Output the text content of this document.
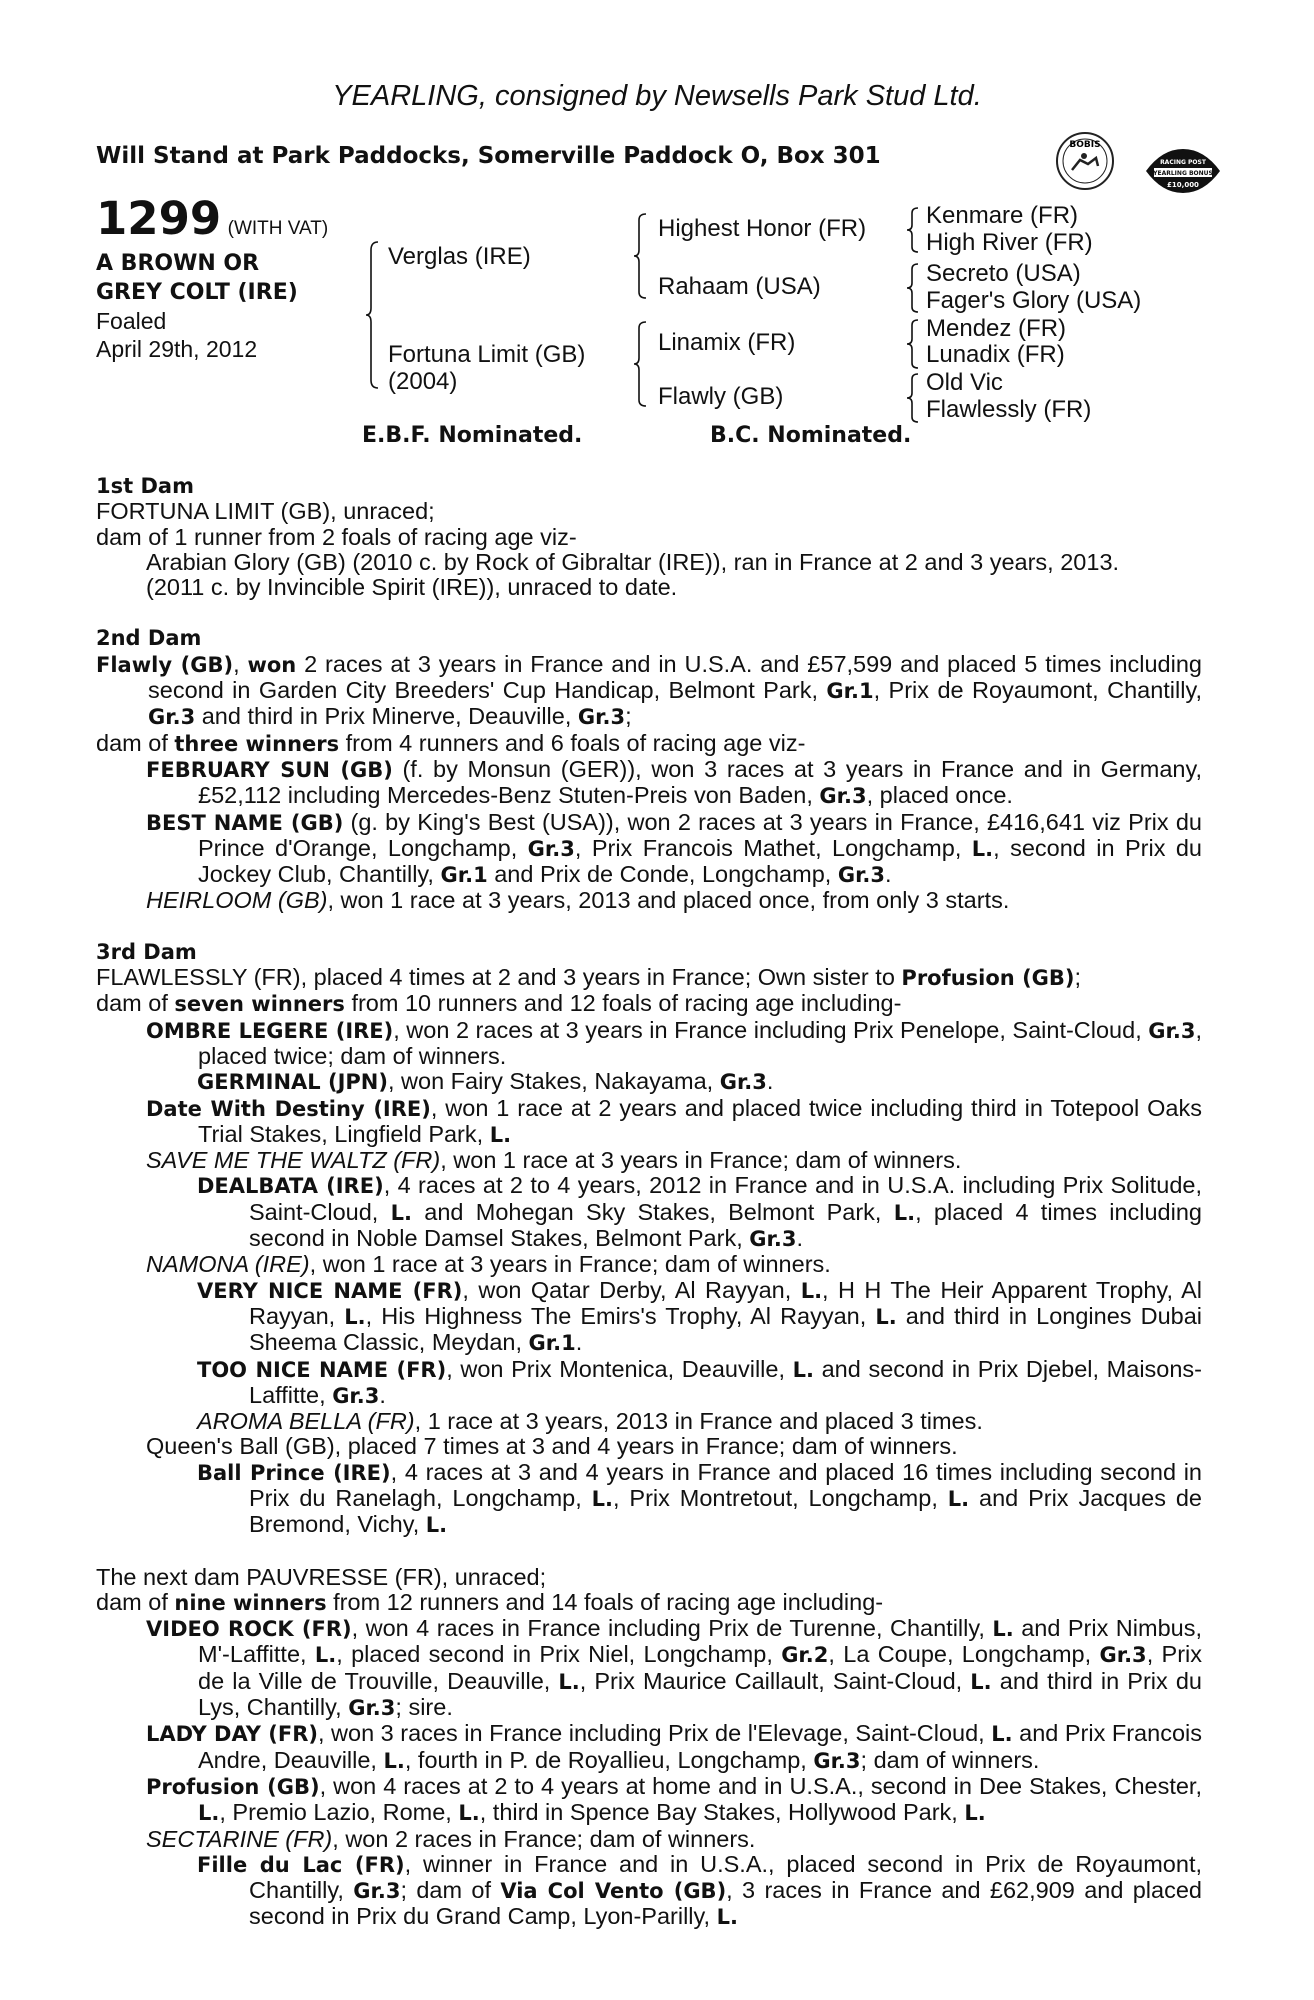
YEARLING, consigned by Newsells Park Stud Ltd.
Will Stand at Park Paddocks, Somerville Paddock O, Box 301	BOBIS
RACING POST
YEARLING BONUS
£10,000
1299 (WITH VAT)
A BROWN OR
GREY COLT (IRE)
Foaled
April 29th, 2012
Verglas (IRE)
Fortuna Limit (GB)
(2004)
Highest Honor (FR)
Rahaam (USA)
Linamix (FR)
Flawly (GB)
Kenmare (FR)
High River (FR)
Secreto (USA)
Fager's Glory (USA)
Mendez (FR)
Lunadix (FR)
Old Vic
Flawlessly (FR)
E.B.F. Nominated.	B.C. Nominated.
1st Dam

FORTUNA LIMIT (GB), unraced;

dam of 1 runner from 2 foals of racing age viz-

Arabian Glory (GB) (2010 c. by Rock of Gibraltar (IRE)), ran in France at 2 and 3 years, 2013.

(2011 c. by Invincible Spirit (IRE)), unraced to date.

2nd Dam

Flawly (GB), won 2 races at 3 years in France and in U.S.A. and £57,599 and placed 5 times including second in Garden City Breeders' Cup Handicap, Belmont Park, Gr.1, Prix de Royaumont, Chantilly, Gr.3 and third in Prix Minerve, Deauville, Gr.3;

dam of three winners from 4 runners and 6 foals of racing age viz-

FEBRUARY SUN (GB) (f. by Monsun (GER)), won 3 races at 3 years in France and in Germany, £52,112 including Mercedes-Benz Stuten-Preis von Baden, Gr.3, placed once.

BEST NAME (GB) (g. by King's Best (USA)), won 2 races at 3 years in France, £416,641 viz Prix du Prince d'Orange, Longchamp, Gr.3, Prix Francois Mathet, Longchamp, L., second in Prix du Jockey Club, Chantilly, Gr.1 and Prix de Conde, Longchamp, Gr.3.

HEIRLOOM (GB), won 1 race at 3 years, 2013 and placed once, from only 3 starts.

3rd Dam

FLAWLESSLY (FR), placed 4 times at 2 and 3 years in France; Own sister to Profusion (GB);

dam of seven winners from 10 runners and 12 foals of racing age including-

OMBRE LEGERE (IRE), won 2 races at 3 years in France including Prix Penelope, Saint-Cloud, Gr.3, placed twice; dam of winners.

GERMINAL (JPN), won Fairy Stakes, Nakayama, Gr.3.

Date With Destiny (IRE), won 1 race at 2 years and placed twice including third in Totepool Oaks Trial Stakes, Lingfield Park, L.

SAVE ME THE WALTZ (FR), won 1 race at 3 years in France; dam of winners.

DEALBATA (IRE), 4 races at 2 to 4 years, 2012 in France and in U.S.A. including Prix Solitude, Saint-Cloud, L. and Mohegan Sky Stakes, Belmont Park, L., placed 4 times including second in Noble Damsel Stakes, Belmont Park, Gr.3.

NAMONA (IRE), won 1 race at 3 years in France; dam of winners.

VERY NICE NAME (FR), won Qatar Derby, Al Rayyan, L., H H The Heir Apparent Trophy, Al Rayyan, L., His Highness The Emirs's Trophy, Al Rayyan, L. and third in Longines Dubai Sheema Classic, Meydan, Gr.1.

TOO NICE NAME (FR), won Prix Montenica, Deauville, L. and second in Prix Djebel, Maisons-Laffitte, Gr.3.

AROMA BELLA (FR), 1 race at 3 years, 2013 in France and placed 3 times.

Queen's Ball (GB), placed 7 times at 3 and 4 years in France; dam of winners.

Ball Prince (IRE), 4 races at 3 and 4 years in France and placed 16 times including second in Prix du Ranelagh, Longchamp, L., Prix Montretout, Longchamp, L. and Prix Jacques de Bremond, Vichy, L.

The next dam PAUVRESSE (FR), unraced;

dam of nine winners from 12 runners and 14 foals of racing age including-

VIDEO ROCK (FR), won 4 races in France including Prix de Turenne, Chantilly, L. and Prix Nimbus, M'-Laffitte, L., placed second in Prix Niel, Longchamp, Gr.2, La Coupe, Longchamp, Gr.3, Prix de la Ville de Trouville, Deauville, L., Prix Maurice Caillault, Saint-Cloud, L. and third in Prix du Lys, Chantilly, Gr.3; sire.

LADY DAY (FR), won 3 races in France including Prix de l'Elevage, Saint-Cloud, L. and Prix Francois Andre, Deauville, L., fourth in P. de Royallieu, Longchamp, Gr.3; dam of winners.

Profusion (GB), won 4 races at 2 to 4 years at home and in U.S.A., second in Dee Stakes, Chester, L., Premio Lazio, Rome, L., third in Spence Bay Stakes, Hollywood Park, L.

SECTARINE (FR), won 2 races in France; dam of winners.

Fille du Lac (FR), winner in France and in U.S.A., placed second in Prix de Royaumont, Chantilly, Gr.3; dam of Via Col Vento (GB), 3 races in France and £62,909 and placed second in Prix du Grand Camp, Lyon-Parilly, L.
